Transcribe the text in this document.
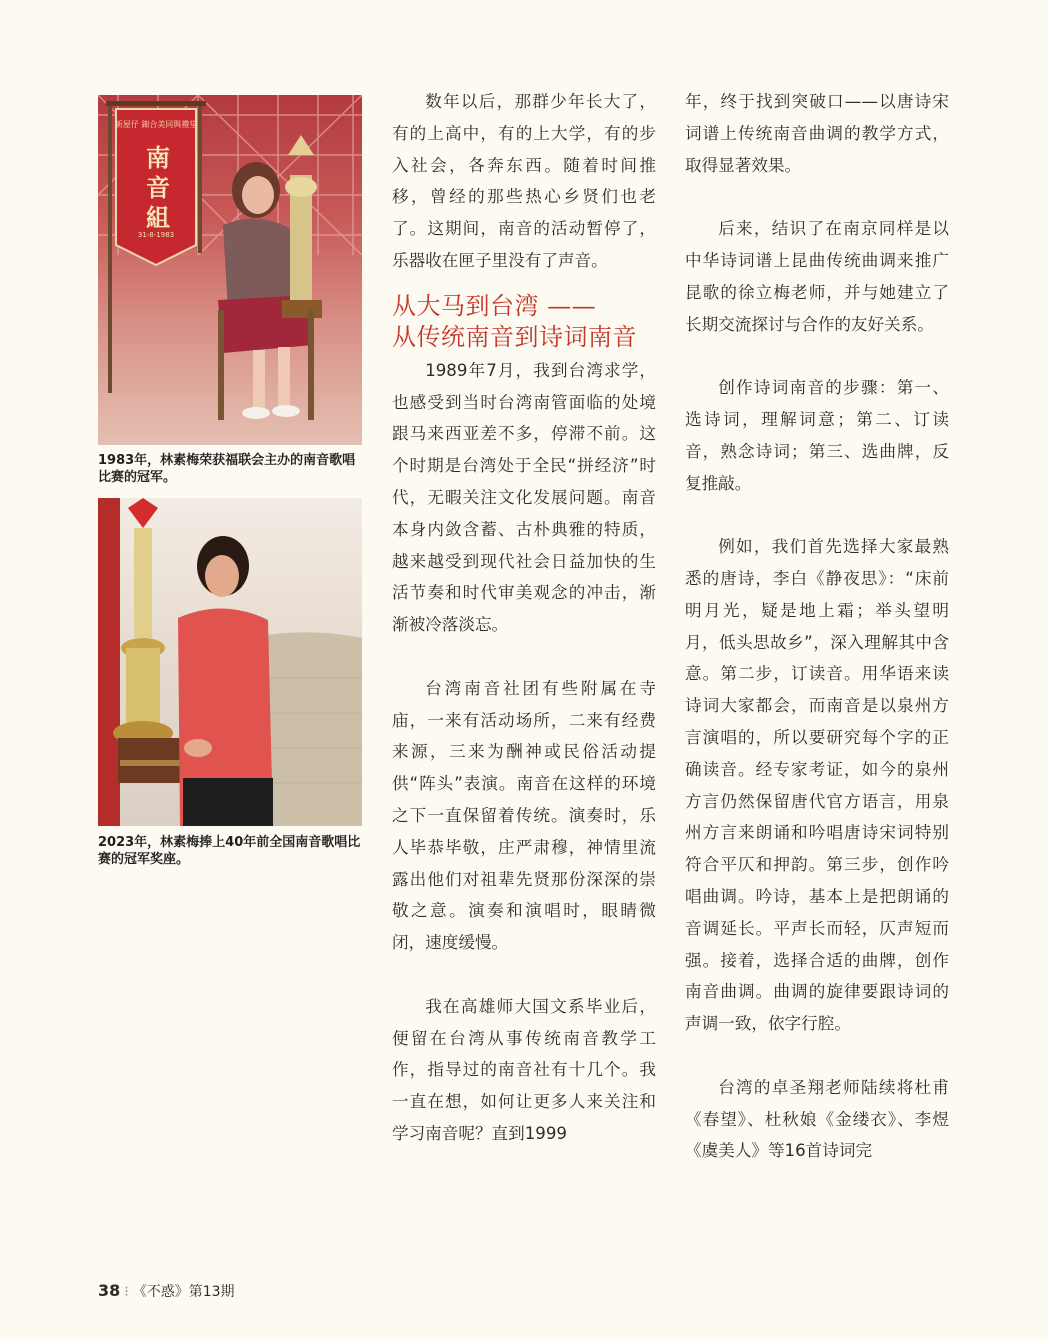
新屋仔 錦合美同與禮堂
31-8-1983
南音組
1983年，林素梅荣获福联会主办的南音歌唱比赛的冠军。
2023年，林素梅捧上40年前全国南音歌唱比赛的冠军奖座。

数年以后，那群少年长大了，有的上高中，有的上大学，有的步入社会，各奔东西。随着时间推移，曾经的那些热心乡贤们也老了。这期间，南音的活动暂停了，乐器收在匣子里没有了声音。

从大马到台湾 ——
从传统南音到诗词南音

1989年7月，我到台湾求学，也感受到当时台湾南管面临的处境跟马来西亚差不多，停滞不前。这个时期是台湾处于全民“拼经济”时代，无暇关注文化发展问题。南音本身内敛含蓄、古朴典雅的特质，越来越受到现代社会日益加快的生活节奏和时代审美观念的冲击，渐渐被冷落淡忘。

台湾南音社团有些附属在寺庙，一来有活动场所，二来有经费来源，三来为酬神或民俗活动提供“阵头”表演。南音在这样的环境之下一直保留着传统。演奏时，乐人毕恭毕敬，庄严肃穆，神情里流露出他们对祖辈先贤那份深深的崇敬之意。演奏和演唱时，眼睛微闭，速度缓慢。

我在高雄师大国文系毕业后，便留在台湾从事传统南音教学工作，指导过的南音社有十几个。我一直在想，如何让更多人来关注和学习南音呢？直到1999

年，终于找到突破口——以唐诗宋词谱上传统南音曲调的教学方式，取得显著效果。

后来，结识了在南京同样是以中华诗词谱上昆曲传统曲调来推广昆歌的徐立梅老师，并与她建立了长期交流探讨与合作的友好关系。

创作诗词南音的步骤：第一、选诗词，理解词意；第二、订读音，熟念诗词；第三、选曲牌，反复推敲。

例如，我们首先选择大家最熟悉的唐诗，李白《静夜思》：“床前明月光，疑是地上霜；举头望明月，低头思故乡”，深入理解其中含意。第二步，订读音。用华语来读诗词大家都会，而南音是以泉州方言演唱的，所以要研究每个字的正确读音。经专家考证，如今的泉州方言仍然保留唐代官方语言，用泉州方言来朗诵和吟唱唐诗宋词特别符合平仄和押韵。第三步，创作吟唱曲调。吟诗，基本上是把朗诵的音调延长。平声长而轻，仄声短而强。接着，选择合适的曲牌，创作南音曲调。曲调的旋律要跟诗词的声调一致，依字行腔。

台湾的卓圣翔老师陆续将杜甫《春望》、杜秋娘《金缕衣》、李煜《虞美人》等16首诗词完

38 ⁝ 《不惑》第13期
